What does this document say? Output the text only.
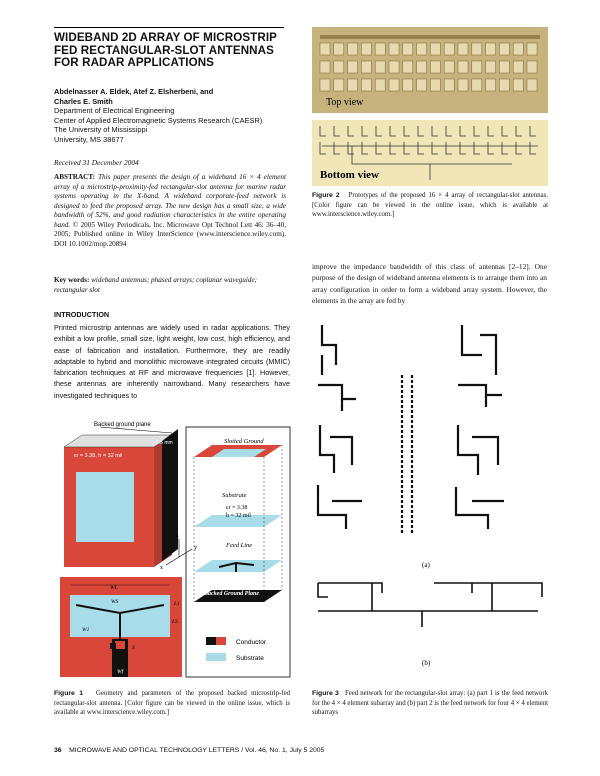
WIDEBAND 2D ARRAY OF MICROSTRIP FED RECTANGULAR-SLOT ANTENNAS FOR RADAR APPLICATIONS
Abdelnasser A. Eldek, Atef Z. Elsherbeni, and
Charles E. Smith
Department of Electrical Engineering
Center of Applied Electromagnetic Systems Research (CAESR)
The University of Mississippi
University, MS 38677
Received 31 December 2004
ABSTRACT: This paper presents the design of a wideband 16 × 4 element array of a microstrip-proximity-fed rectangular-slot antenna for marine radar systems operating in the X-band. A wideband corporate-feed network is designed to feed the proposed array. The new design has a small size, a wide bandwidth of 52%, and good radiation characteristics in the entire operating band. © 2005 Wiley Periodicals, Inc. Microwave Opt Technol Lett 46: 36–40, 2005; Published online in Wiley InterScience (www.interscience.wiley.com). DOI 10.1002/mop.20894
Key words: wideband antennas; phased arrays; coplanar waveguide; rectangular slot
INTRODUCTION
Printed microstrip antennas are widely used in radar applications. They exhibit a low profile, small size, light weight, low cost, high efficiency, and ease of fabrication and installation. Furthermore, they are readily adaptable to hybrid and monolithic microwave integrated circuits (MMIC) fabrication techniques at RF and microwave frequencies [1]. However, these antennas are inherently narrowband. Many researchers have investigated techniques to
Backed ground plane
εr = 3.38, h = 32 mil
5.5 mm
z
y
x
Slotted Ground
Substrate
εr = 3.38
h = 32 mil
Feed Line
Backed Ground Plane
Conductor
Substrate
WL
WS
LS
W1
Wf
L1
S
Figure 1 Geometry and parameters of the proposed backed microstrip-fed rectangular-slot antenna. [Color figure can be viewed in the online issue, which is available at www.interscience.wiley.com.]
Top view
Bottom view
Figure 2 Prototypes of the proposed 16 × 4 array of rectangular-slot antennas. [Color figure can be viewed in the online issue, which is available at www.interscience.wiley.com.]
improve the impedance bandwidth of this class of antennas [2–12]. One purpose of the design of wideband antenna elements is to arrange them into an array configuration in order to form a wideband array system. However, the elements in the array are fed by
(a)
(b)
Figure 3 Feed network for the rectangular-slot array: (a) part 1 is the feed network for the 4 × 4 element subarray and (b) part 2 is the feed network for four 4 × 4 element subarrays
36 MICROWAVE AND OPTICAL TECHNOLOGY LETTERS / Vol. 46, No. 1, July 5 2005
